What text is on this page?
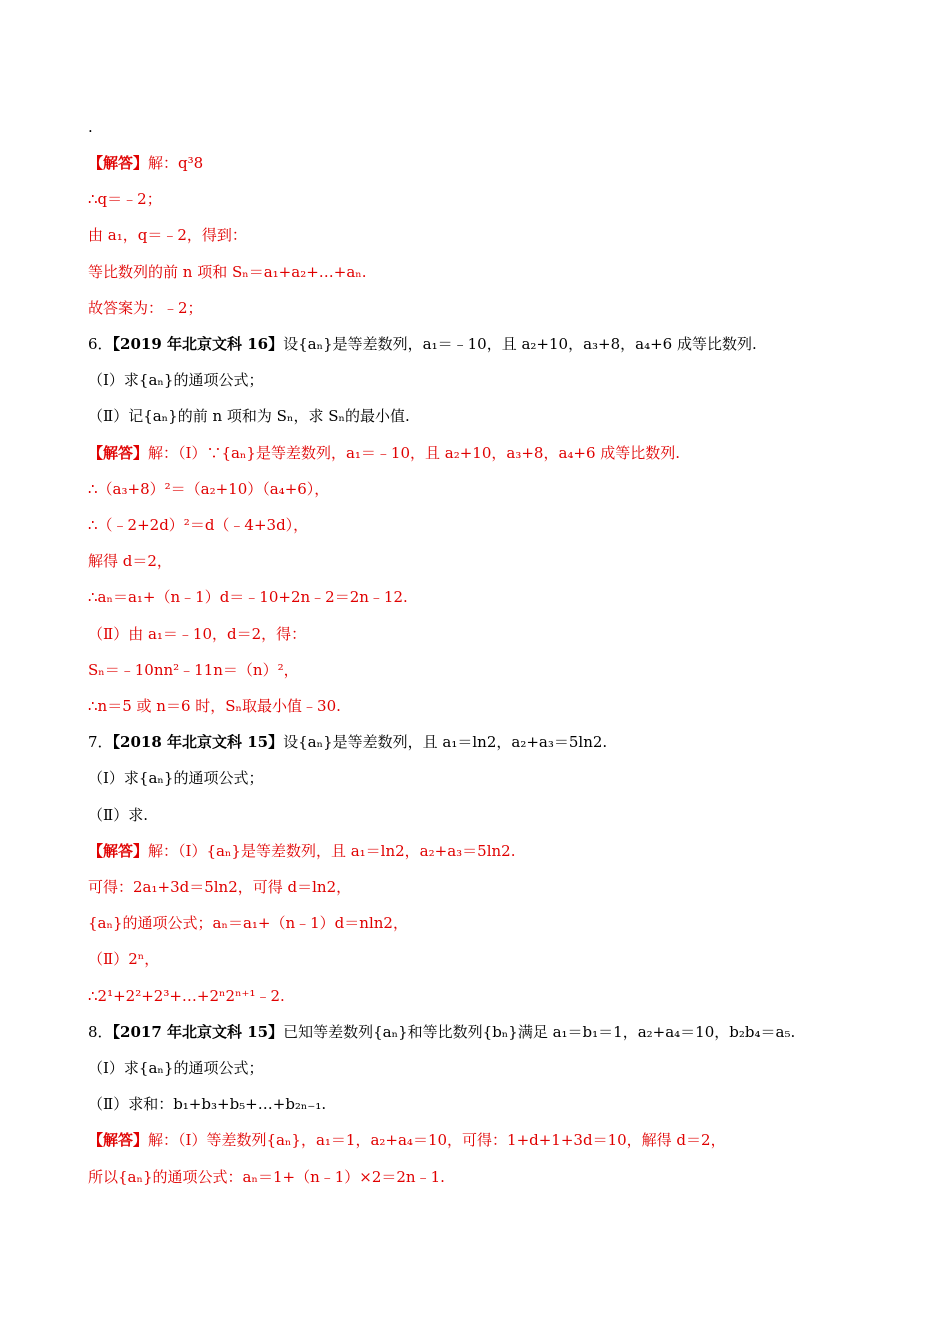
.
【解答】解：q³8
∴q＝﹣2；
由 a₁，q＝﹣2，得到：
等比数列的前 n 项和 Sₙ＝a₁+a₂+…+aₙ.
故答案为：﹣2；
6．【2019 年北京文科 16】设{aₙ}是等差数列，a₁＝﹣10，且 a₂+10，a₃+8，a₄+6 成等比数列.
（Ⅰ）求{aₙ}的通项公式；
（Ⅱ）记{aₙ}的前 n 项和为 Sₙ，求 Sₙ的最小值.
【解答】解：（Ⅰ）∵{aₙ}是等差数列，a₁＝﹣10，且 a₂+10，a₃+8，a₄+6 成等比数列.
∴（a₃+8）²＝（a₂+10）（a₄+6），
∴（﹣2+2d）²＝d（﹣4+3d），
解得 d＝2，
∴aₙ＝a₁+（n﹣1）d＝﹣10+2n﹣2＝2n﹣12.
（Ⅱ）由 a₁＝﹣10，d＝2，得：
Sₙ＝﹣10nn²﹣11n＝（n）²，
∴n＝5 或 n＝6 时，Sₙ取最小值﹣30.
7．【2018 年北京文科 15】设{aₙ}是等差数列，且 a₁＝ln2，a₂+a₃＝5ln2.
（Ⅰ）求{aₙ}的通项公式；
（Ⅱ）求.
【解答】解：（Ⅰ）{aₙ}是等差数列，且 a₁＝ln2，a₂+a₃＝5ln2.
可得：2a₁+3d＝5ln2，可得 d＝ln2，
{aₙ}的通项公式；aₙ＝a₁+（n﹣1）d＝nln2，
（Ⅱ）2ⁿ，
∴2¹+2²+2³+…+2ⁿ2ⁿ⁺¹﹣2.
8．【2017 年北京文科 15】已知等差数列{aₙ}和等比数列{bₙ}满足 a₁＝b₁＝1，a₂+a₄＝10，b₂b₄＝a₅.
（Ⅰ）求{aₙ}的通项公式；
（Ⅱ）求和：b₁+b₃+b₅+…+b₂ₙ₋₁.
【解答】解：（Ⅰ）等差数列{aₙ}，a₁＝1，a₂+a₄＝10，可得：1+d+1+3d＝10，解得 d＝2，
所以{aₙ}的通项公式：aₙ＝1+（n﹣1）×2＝2n﹣1.
